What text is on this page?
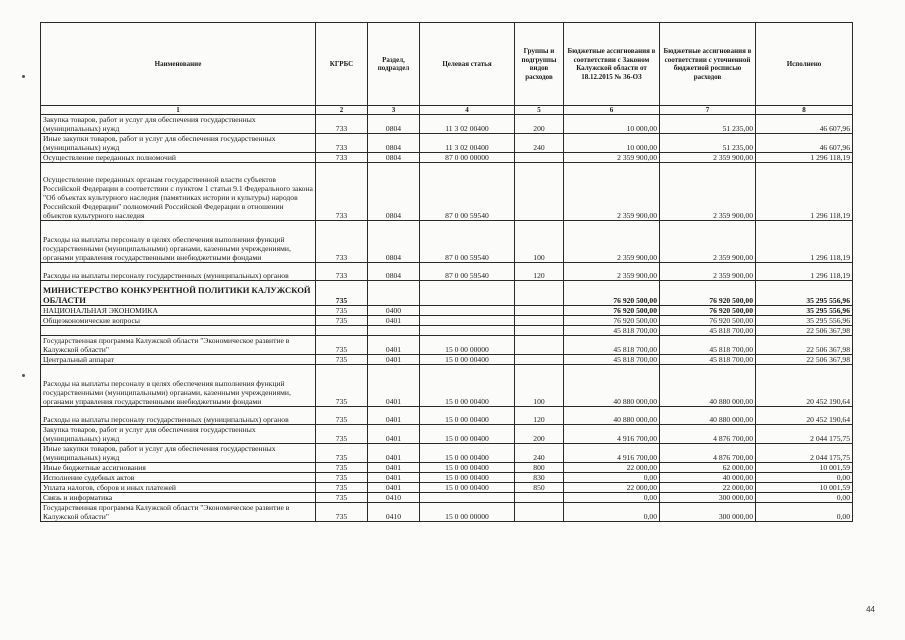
Наименование	КГРБС	Раздел, подраздел	Целевая статья	Группы и подгруппы видов расходов	Бюджетные ассигнования в соответствии с Законом Калужской области от 18.12.2015 № 36-ОЗ	Бюджетные ассигнования в соответствии с уточненной бюджетной росписью расходов	Исполнено
1	2	3	4	5	6	7	8
Закупка товаров, работ и услуг для обеспечения государственных (муниципальных) нужд	733	0804	11 3 02 00400	200	10 000,00	51 235,00	46 607,96
Иные закупки товаров, работ и услуг для обеспечения государственных (муниципальных) нужд	733	0804	11 3 02 00400	240	10 000,00	51 235,00	46 607,96
Осуществление переданных полномочий	733	0804	87 0 00 00000		2 359 900,00	2 359 900,00	1 296 118,19
Осуществление переданных органам государственной власти субъектов Российской Федерации в соответствии с пунктом 1 статьи 9.1 Федерального закона "Об объектах культурного наследия (памятниках истории и культуры) народов Российской Федерации" полномочий Российской Федерации в отношении объектов культурного наследия	733	0804	87 0 00 59540		2 359 900,00	2 359 900,00	1 296 118,19
Расходы на выплаты персоналу в целях обеспечения выполнения функций государственными (муниципальными) органами, казенными учреждениями, органами управления государственными внебюджетными фондами	733	0804	87 0 00 59540	100	2 359 900,00	2 359 900,00	1 296 118,19
Расходы на выплаты персоналу государственных (муниципальных) органов	733	0804	87 0 00 59540	120	2 359 900,00	2 359 900,00	1 296 118,19
МИНИСТЕРСТВО КОНКУРЕНТНОЙ ПОЛИТИКИ КАЛУЖСКОЙ ОБЛАСТИ	735				76 920 500,00	76 920 500,00	35 295 556,96
НАЦИОНАЛЬНАЯ ЭКОНОМИКА	735	0400			76 920 500,00	76 920 500,00	35 295 556,96
Общеэкономические вопросы	735	0401			76 920 500,00	76 920 500,00	35 295 556,96
					45 818 700,00	45 818 700,00	22 506 367,98
Государственная программа Калужской области "Экономическое развитие в Калужской области"	735	0401	15 0 00 00000		45 818 700,00	45 818 700,00	22 506 367,98
Центральный аппарат	735	0401	15 0 00 00400		45 818 700,00	45 818 700,00	22 506 367,98
Расходы на выплаты персоналу в целях обеспечения выполнения функций государственными (муниципальными) органами, казенными учреждениями, органами управления государственными внебюджетными фондами	735	0401	15 0 00 00400	100	40 880 000,00	40 880 000,00	20 452 190,64
Расходы на выплаты персоналу государственных (муниципальных) органов	735	0401	15 0 00 00400	120	40 880 000,00	40 880 000,00	20 452 190,64
Закупка товаров, работ и услуг для обеспечения государственных (муниципальных) нужд	735	0401	15 0 00 00400	200	4 916 700,00	4 876 700,00	2 044 175,75
Иные закупки товаров, работ и услуг для обеспечения государственных (муниципальных) нужд	735	0401	15 0 00 00400	240	4 916 700,00	4 876 700,00	2 044 175,75
Иные бюджетные ассигнования	735	0401	15 0 00 00400	800	22 000,00	62 000,00	10 001,59
Исполнение судебных актов	735	0401	15 0 00 00400	830	0,00	40 000,00	0,00
Уплата налогов, сборов и иных платежей	735	0401	15 0 00 00400	850	22 000,00	22 000,00	10 001,59
Связь и информатика	735	0410			0,00	300 000,00	0,00
Государственная программа Калужской области "Экономическое развитие в Калужской области"	735	0410	15 0 00 00000		0,00	300 000,00	0,00
44
